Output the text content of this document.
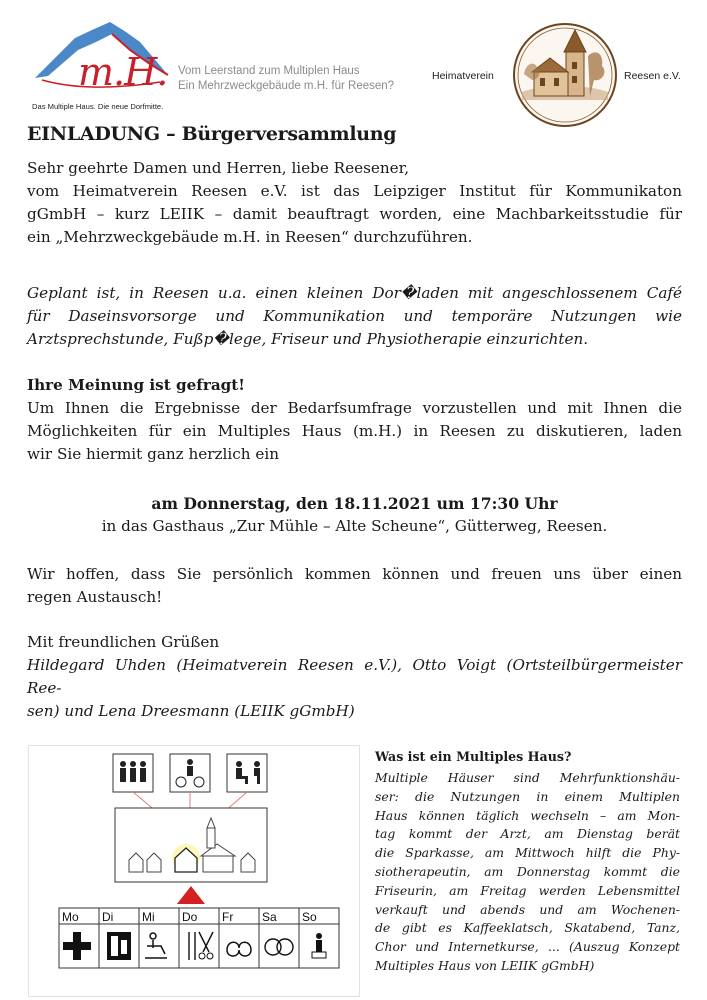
m.H.
Das Multiple Haus. Die neue Dorfmitte.
Vom Leerstand zum Multiplen Haus
Ein Mehrzweckgebäude m.H. für Reesen?
Heimatverein	Reesen e.V.
EINLADUNG – Bürgerversammlung
Sehr geehrte Damen und Herren, liebe Reesener,
vom Heimatverein Reesen e.V. ist das Leipziger Institut für Kommunikaton
gGmbH – kurz LEIIK – damit beauftragt worden, eine Machbarkeitsstudie für
ein „Mehrzweckgebäude m.H. in Reesen“ durchzuführen.
Geplant ist, in Reesen u.a. einen kleinen Dor�laden mit angeschlossenem Café
für Daseinsvorsorge und Kommunikation und temporäre Nutzungen wie
Arztsprechstunde, Fußp�lege, Friseur und Physiotherapie einzurichten.
Ihre Meinung ist gefragt!
Um Ihnen die Ergebnisse der Bedarfsumfrage vorzustellen und mit Ihnen die
Möglichkeiten für ein Multiples Haus (m.H.) in Reesen zu diskutieren, laden
wir Sie hiermit ganz herzlich ein
am Donnerstag, den 18.11.2021 um 17:30 Uhr
in das Gasthaus „Zur Mühle – Alte Scheune“, Gütterweg, Reesen.
Wir hoffen, dass Sie persönlich kommen können und freuen uns über einen
regen Austausch!
Mit freundlichen Grüßen
Hildegard Uhden (Heimatverein Reesen e.V.), Otto Voigt (Ortsteilbürgermeister Ree-
sen) und Lena Dreesmann (LEIIK gGmbH)
Mo Di Mi Do Fr Sa So
Was ist ein Multiples Haus?
Multiple Häuser sind Mehrfunktionshäu-
ser: die Nutzungen in einem Multiplen
Haus können täglich wechseln – am Mon-
tag kommt der Arzt, am Dienstag berät
die Sparkasse, am Mittwoch hilft die Phy-
siotherapeutin, am Donnerstag kommt die
Friseurin, am Freitag werden Lebensmittel
verkauft und abends und am Wochenen-
de gibt es Kaffeeklatsch, Skatabend, Tanz,
Chor und Internetkurse, ... (Auszug Konzept
Multiples Haus von LEIIK gGmbH)
